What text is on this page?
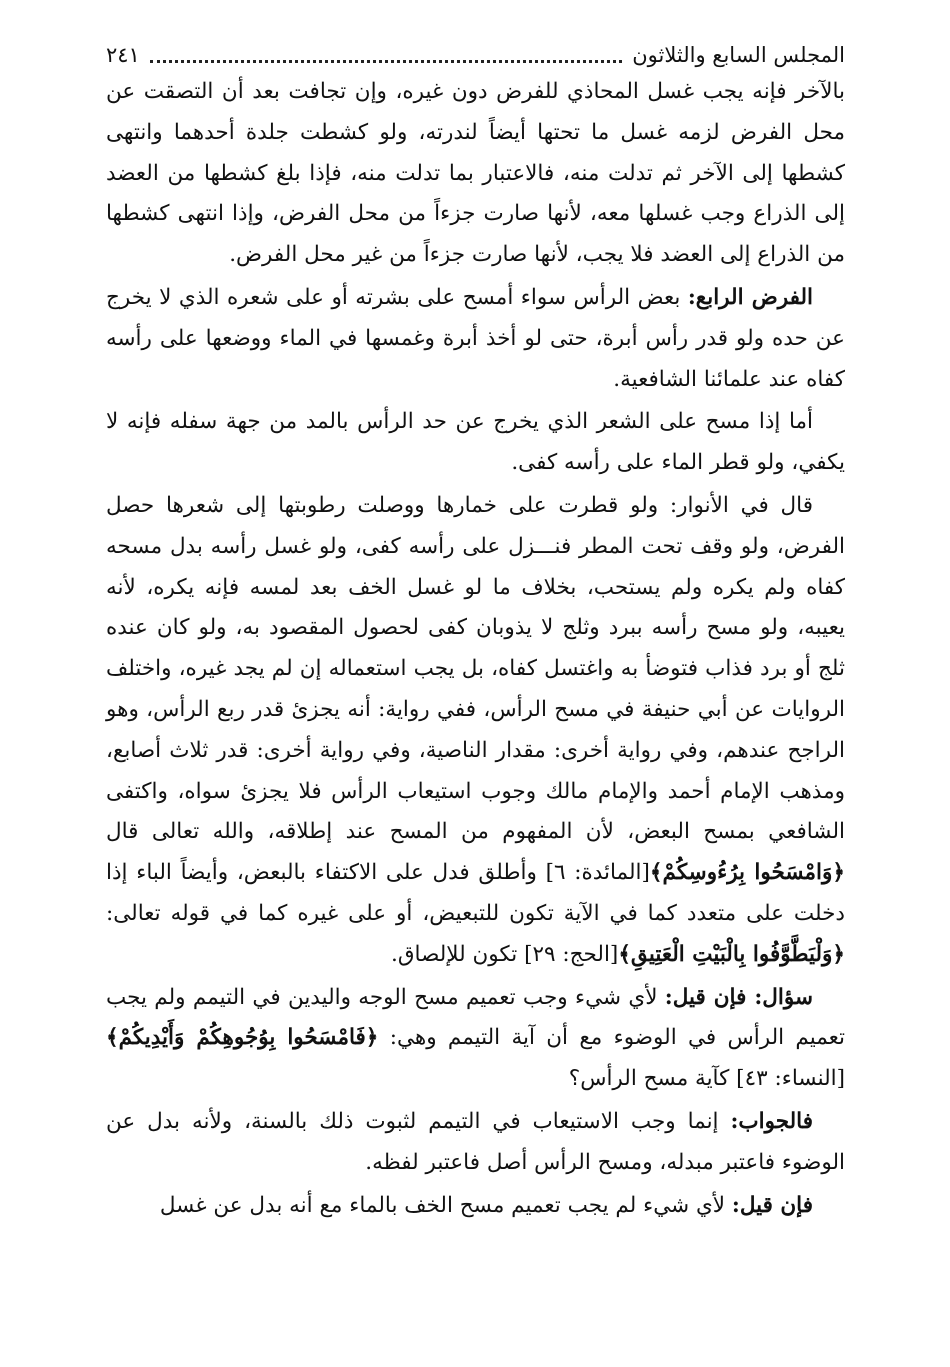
المجلس السابع والثلاثون
٢٤١

بالآخر فإنه يجب غسل المحاذي للفرض دون غيره، وإن تجافت بعد أن التصقت عن محل الفرض لزمه غسل ما تحتها أيضاً لندرته، ولو كشطت جلدة أحدهما وانتهى كشطها إلى الآخر ثم تدلت منه، فالاعتبار بما تدلت منه، فإذا بلغ كشطها من العضد إلى الذراع وجب غسلها معه، لأنها صارت جزءاً من محل الفرض، وإذا انتهى كشطها من الذراع إلى العضد فلا يجب، لأنها صارت جزءاً من غير محل الفرض.

الفرض الرابع: بعض الرأس سواء أمسح على بشرته أو على شعره الذي لا يخرج عن حده ولو قدر رأس أبرة، حتى لو أخذ أبرة وغمسها في الماء ووضعها على رأسه كفاه عند علمائنا الشافعية.

أما إذا مسح على الشعر الذي يخرج عن حد الرأس بالمد من جهة سفله فإنه لا يكفي، ولو قطر الماء على رأسه كفى.

قال في الأنوار: ولو قطرت على خمارها ووصلت رطوبتها إلى شعرها حصل الفرض، ولو وقف تحت المطر فنـــزل على رأسه كفى، ولو غسل رأسه بدل مسحه كفاه ولم يكره ولم يستحب، بخلاف ما لو غسل الخف بعد لمسه فإنه يكره، لأنه يعيبه، ولو مسح رأسه ببرد وثلج لا يذوبان كفى لحصول المقصود به، ولو كان عنده ثلج أو برد فذاب فتوضأ به واغتسل كفاه، بل يجب استعماله إن لم يجد غيره، واختلف الروايات عن أبي حنيفة في مسح الرأس، ففي رواية: أنه يجزئ قدر ربع الرأس، وهو الراجح عندهم، وفي رواية أخرى: مقدار الناصية، وفي رواية أخرى: قدر ثلاث أصابع، ومذهب الإمام أحمد والإمام مالك وجوب استيعاب الرأس فلا يجزئ سواه، واكتفى الشافعي بمسح البعض، لأن المفهوم من المسح عند إطلاقه، والله تعالى قال ﴿وَامْسَحُوا بِرُءُوسِكُمْ﴾[المائدة: ٦] وأطلق فدل على الاكتفاء بالبعض، وأيضاً الباء إذا دخلت على متعدد كما في الآية تكون للتبعيض، أو على غيره كما في قوله تعالى: ﴿وَلْيَطَّوَّفُوا بِالْبَيْتِ الْعَتِيقِ﴾[الحج: ٢٩] تكون للإلصاق.

سؤال: فإن قيل: لأي شيء وجب تعميم مسح الوجه واليدين في التيمم ولم يجب تعميم الرأس في الوضوء مع أن آية التيمم وهي: ﴿فَامْسَحُوا بِوُجُوهِكُمْ وَأَيْدِيكُمْ﴾[النساء: ٤٣] كآية مسح الرأس؟

فالجواب: إنما وجب الاستيعاب في التيمم لثبوت ذلك بالسنة، ولأنه بدل عن الوضوء فاعتبر مبدله، ومسح الرأس أصل فاعتبر لفظه.

فإن قيل: لأي شيء لم يجب تعميم مسح الخف بالماء مع أنه بدل عن غسل
